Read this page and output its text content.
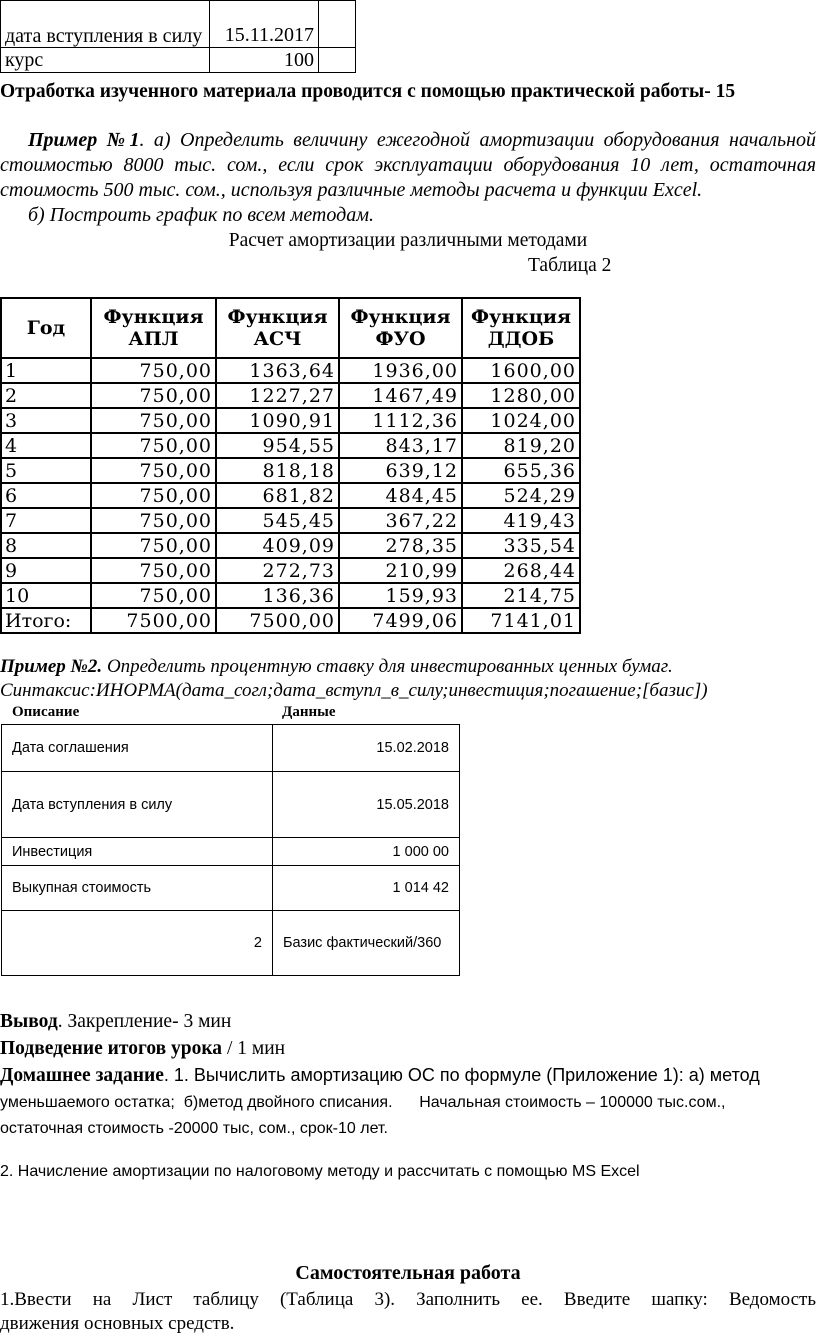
дата вступления в силу	15.11.2017	
курс	100	
Отработка изученного материала проводится с помощью практической работы- 15
Пример №1. а) Определить величину ежегодной амортизации оборудования начальной стоимостью 8000 тыс. сом., если срок эксплуатации оборудования 10 лет, остаточная стоимость 500 тыс. сом., используя различные методы расчета и функции Excel.
б) Построить график по всем методам.
Расчет амортизации различными методами
Таблица 2
Год	Функция АПЛ	Функция АСЧ	Функция ФУО	Функция ДДОБ
1	750,00	1363,64	1936,00	1600,00
2	750,00	1227,27	1467,49	1280,00
3	750,00	1090,91	1112,36	1024,00
4	750,00	954,55	843,17	819,20
5	750,00	818,18	639,12	655,36
6	750,00	681,82	484,45	524,29
7	750,00	545,45	367,22	419,43
8	750,00	409,09	278,35	335,54
9	750,00	272,73	210,99	268,44
10	750,00	136,36	159,93	214,75
Итого:	7500,00	7500,00	7499,06	7141,01
Пример №2. Определить процентную ставку для инвестированных ценных бумаг.
Синтаксис:ИНОРМА(дата_согл;дата_вступл_в_силу;инвестиция;погашение;[базис])
Описание	Данные
Дата соглашения	15.02.2018
Дата вступления в силу	15.05.2018
Инвестиция	1 000 00
Выкупная стоимость	1 014 42
2	Базис фактический/360
Вывод. Закрепление- 3 мин
Подведение итогов урока / 1 мин
Домашнее задание. 1. Вычислить амортизацию ОС по формуле (Приложение 1): а) метод
уменьшаемого остатка;  б)метод двойного списания.      Начальная стоимость – 100000 тыс.сом.,
остаточная стоимость -20000 тыс, сом., срок-10 лет.
2. Начисление амортизации по налоговому методу и рассчитать с помощью MS Excel
Самостоятельная работа
1.Ввести на Лист таблицу (Таблица 3). Заполнить ее. Введите шапку: Ведомость
движения основных средств.
